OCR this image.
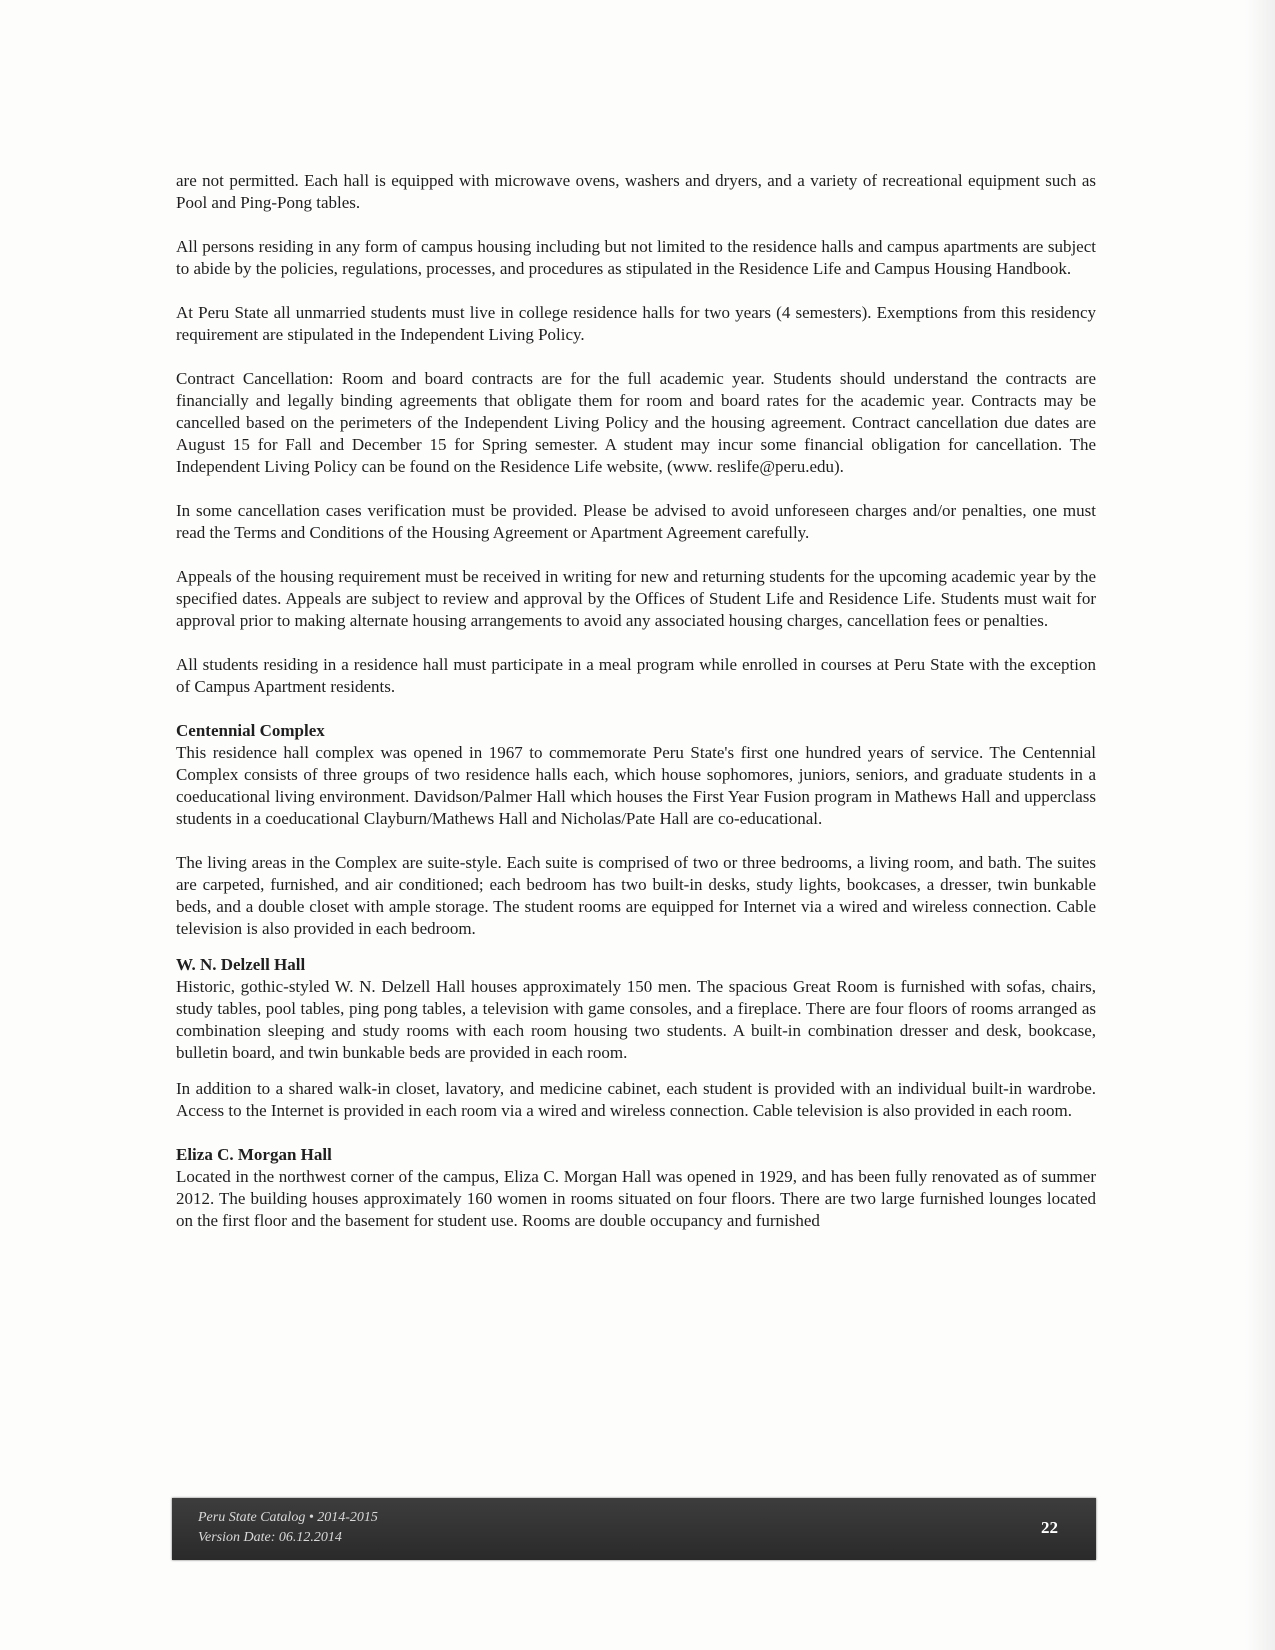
are not permitted. Each hall is equipped with microwave ovens, washers and dryers, and a variety of recreational equipment such as Pool and Ping-Pong tables.

All persons residing in any form of campus housing including but not limited to the residence halls and campus apartments are subject to abide by the policies, regulations, processes, and procedures as stipulated in the Residence Life and Campus Housing Handbook.

At Peru State all unmarried students must live in college residence halls for two years (4 semesters). Exemptions from this residency requirement are stipulated in the Independent Living Policy.

Contract Cancellation: Room and board contracts are for the full academic year. Students should understand the contracts are financially and legally binding agreements that obligate them for room and board rates for the academic year. Contracts may be cancelled based on the perimeters of the Independent Living Policy and the housing agreement. Contract cancellation due dates are August 15 for Fall and December 15 for Spring semester. A student may incur some financial obligation for cancellation. The Independent Living Policy can be found on the Residence Life website, (www. reslife@peru.edu).

In some cancellation cases verification must be provided. Please be advised to avoid unforeseen charges and/or penalties, one must read the Terms and Conditions of the Housing Agreement or Apartment Agreement carefully.

Appeals of the housing requirement must be received in writing for new and returning students for the upcoming academic year by the specified dates. Appeals are subject to review and approval by the Offices of Student Life and Residence Life. Students must wait for approval prior to making alternate housing arrangements to avoid any associated housing charges, cancellation fees or penalties.

All students residing in a residence hall must participate in a meal program while enrolled in courses at Peru State with the exception of Campus Apartment residents.

Centennial Complex

This residence hall complex was opened in 1967 to commemorate Peru State's first one hundred years of service. The Centennial Complex consists of three groups of two residence halls each, which house sophomores, juniors, seniors, and graduate students in a coeducational living environment. Davidson/Palmer Hall which houses the First Year Fusion program in Mathews Hall and upperclass students in a coeducational Clayburn/Mathews Hall and Nicholas/Pate Hall are co-educational.

The living areas in the Complex are suite-style. Each suite is comprised of two or three bedrooms, a living room, and bath. The suites are carpeted, furnished, and air conditioned; each bedroom has two built-in desks, study lights, bookcases, a dresser, twin bunkable beds, and a double closet with ample storage. The student rooms are equipped for Internet via a wired and wireless connection. Cable television is also provided in each bedroom.

W. N. Delzell Hall

Historic, gothic-styled W. N. Delzell Hall houses approximately 150 men. The spacious Great Room is furnished with sofas, chairs, study tables, pool tables, ping pong tables, a television with game consoles, and a fireplace. There are four floors of rooms arranged as combination sleeping and study rooms with each room housing two students. A built-in combination dresser and desk, bookcase, bulletin board, and twin bunkable beds are provided in each room.

In addition to a shared walk-in closet, lavatory, and medicine cabinet, each student is provided with an individual built-in wardrobe. Access to the Internet is provided in each room via a wired and wireless connection. Cable television is also provided in each room.

Eliza C. Morgan Hall

Located in the northwest corner of the campus, Eliza C. Morgan Hall was opened in 1929, and has been fully renovated as of summer 2012. The building houses approximately 160 women in rooms situated on four floors. There are two large furnished lounges located on the first floor and the basement for student use. Rooms are double occupancy and furnished

Peru State Catalog • 2014-2015
Version Date: 06.12.2014
22
